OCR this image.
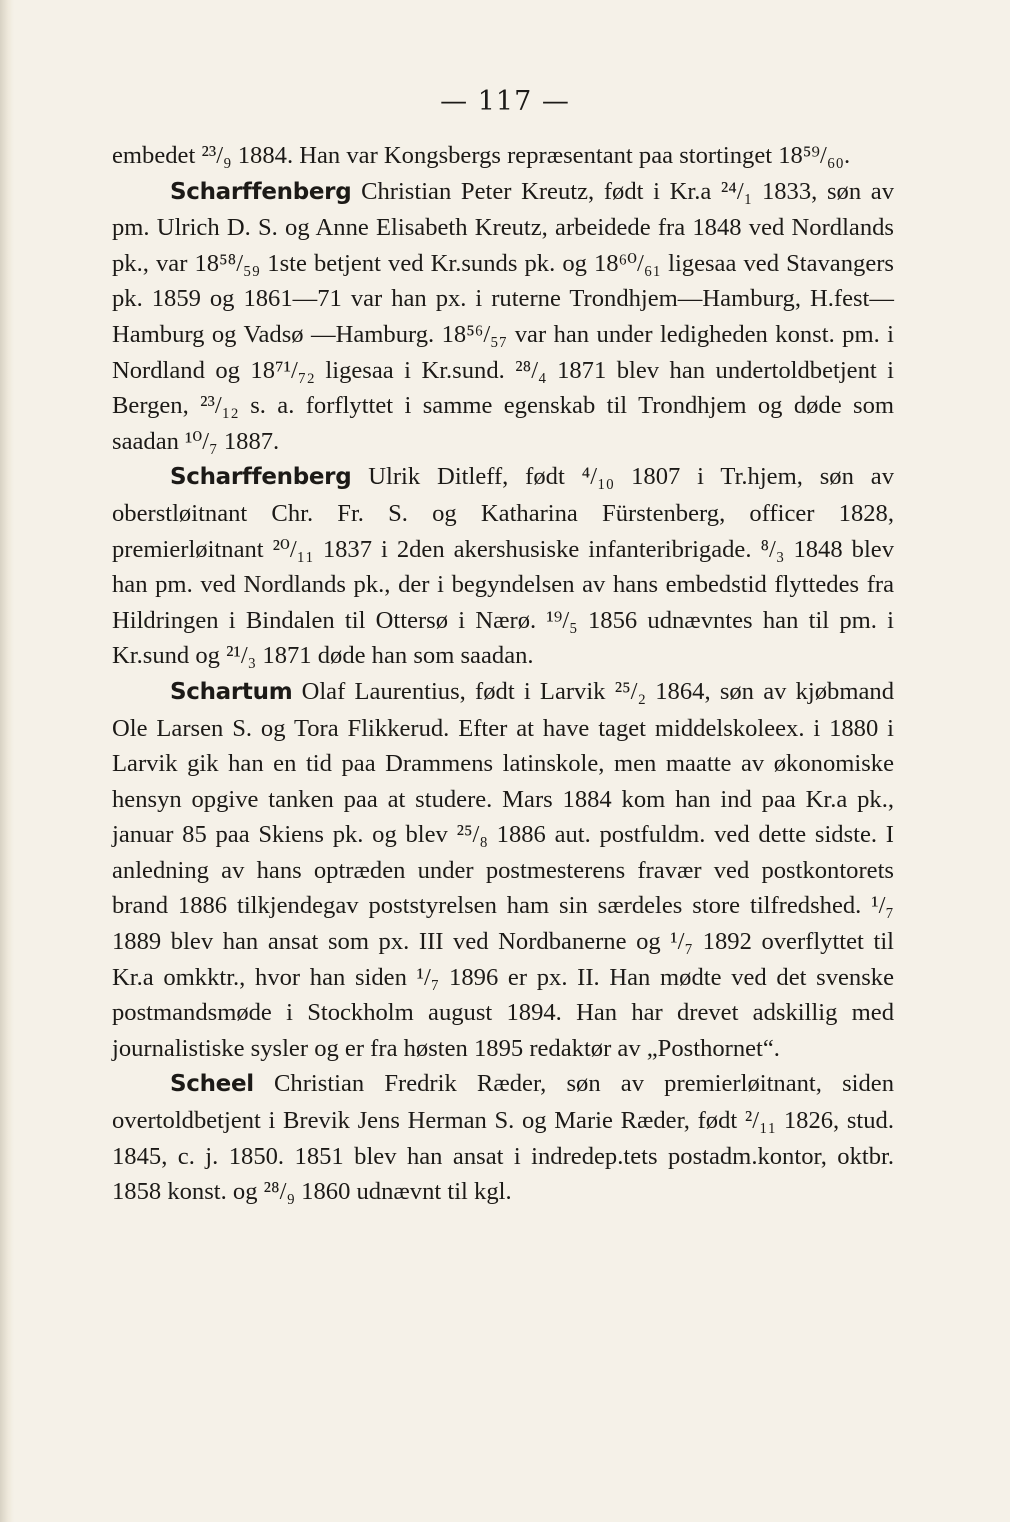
— 117 —

embedet ²³/₉ 1884. Han var Kongsbergs repræsentant paa stortinget 18⁵⁹/₆₀.

Scharffenberg Christian Peter Kreutz, født i Kr.a ²⁴/₁ 1833, søn av pm. Ulrich D. S. og Anne Elisabeth Kreutz, arbeidede fra 1848 ved Nordlands pk., var 18⁵⁸/₅₉ 1ste betjent ved Kr.sunds pk. og 18⁶⁰/₆₁ ligesaa ved Stavangers pk. 1859 og 1861—71 var han px. i ruterne Trondhjem—Hamburg, H.fest—Hamburg og Vadsø —Hamburg. 18⁵⁶/₅₇ var han under ledigheden konst. pm. i Nordland og 18⁷¹/₇₂ ligesaa i Kr.sund. ²⁸/₄ 1871 blev han undertoldbetjent i Bergen, ²³/₁₂ s. a. forflyttet i samme egenskab til Trondhjem og døde som saadan ¹⁰/₇ 1887.

Scharffenberg Ulrik Ditleff, født ⁴/₁₀ 1807 i Tr.hjem, søn av oberstløitnant Chr. Fr. S. og Katharina Fürstenberg, officer 1828, premierløitnant ²⁰/₁₁ 1837 i 2den akershusiske infanteribrigade. ⁸/₃ 1848 blev han pm. ved Nordlands pk., der i begyndelsen av hans embedstid flyttedes fra Hildringen i Bindalen til Ottersø i Nærø. ¹⁹/₅ 1856 udnævntes han til pm. i Kr.sund og ²¹/₃ 1871 døde han som saadan.

Schartum Olaf Laurentius, født i Larvik ²⁵/₂ 1864, søn av kjøbmand Ole Larsen S. og Tora Flikkerud. Efter at have taget middelskoleex. i 1880 i Larvik gik han en tid paa Drammens latinskole, men maatte av økonomiske hensyn opgive tanken paa at studere. Mars 1884 kom han ind paa Kr.a pk., januar 85 paa Skiens pk. og blev ²⁵/₈ 1886 aut. postfuldm. ved dette sidste. I anledning av hans optræden under postmesterens fravær ved postkontorets brand 1886 tilkjendegav poststyrelsen ham sin særdeles store tilfredshed. ¹/₇ 1889 blev han ansat som px. III ved Nordbanerne og ¹/₇ 1892 overflyttet til Kr.a omkktr., hvor han siden ¹/₇ 1896 er px. II. Han mødte ved det svenske postmandsmøde i Stockholm august 1894. Han har drevet adskillig med journalistiske sysler og er fra høsten 1895 redaktør av „Posthornet“.

Scheel Christian Fredrik Ræder, søn av premierløitnant, siden overtoldbetjent i Brevik Jens Herman S. og Marie Ræder, født ²/₁₁ 1826, stud. 1845, c. j. 1850. 1851 blev han ansat i indredep.tets postadm.kontor, oktbr. 1858 konst. og ²⁸/₉ 1860 udnævnt til kgl.
